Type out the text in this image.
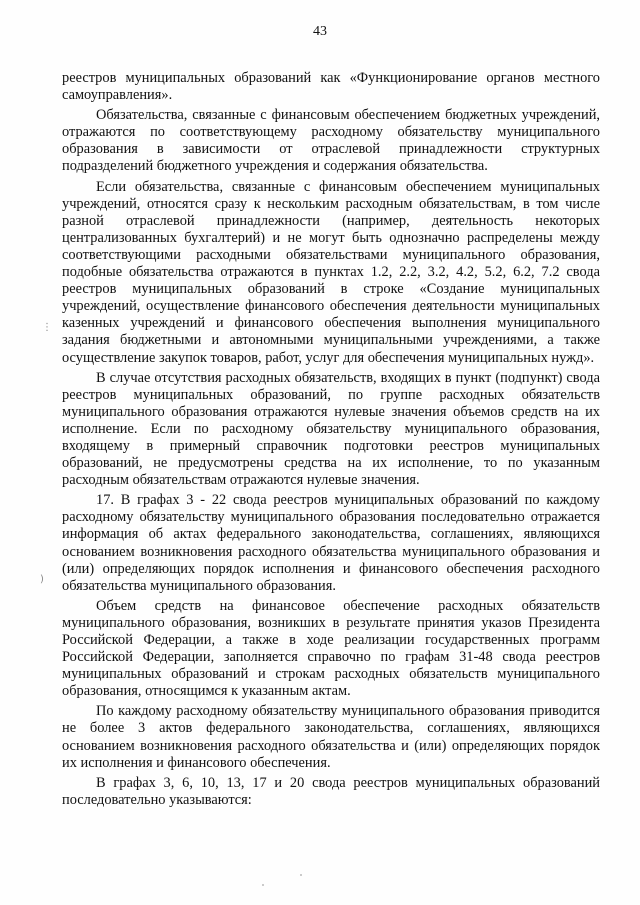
43

реестров муниципальных образований как «Функционирование органов местного самоуправления».

Обязательства, связанные с финансовым обеспечением бюджетных учреждений, отражаются по соответствующему расходному обязательству муниципального образования в зависимости от отраслевой принадлежности структурных подразделений бюджетного учреждения и содержания обязательства.

Если обязательства, связанные с финансовым обеспечением муниципальных учреждений, относятся сразу к нескольким расходным обязательствам, в том числе разной отраслевой принадлежности (например, деятельность некоторых централизованных бухгалтерий) и не могут быть однозначно распределены между соответствующими расходными обязательствами муниципального образования, подобные обязательства отражаются в пунктах 1.2, 2.2, 3.2, 4.2, 5.2, 6.2, 7.2 свода реестров муниципальных образований в строке «Создание муниципальных учреждений, осуществление финансового обеспечения деятельности муниципальных казенных учреждений и финансового обеспечения выполнения муниципального задания бюджетными и автономными муниципальными учреждениями, а также осуществление закупок товаров, работ, услуг для обеспечения муниципальных нужд».

В случае отсутствия расходных обязательств, входящих в пункт (подпункт) свода реестров муниципальных образований, по группе расходных обязательств муниципального образования отражаются нулевые значения объемов средств на их исполнение. Если по расходному обязательству муниципального образования, входящему в примерный справочник подготовки реестров муниципальных образований, не предусмотрены средства на их исполнение, то по указанным расходным обязательствам отражаются нулевые значения.

17. В графах 3 - 22 свода реестров муниципальных образований по каждому расходному обязательству муниципального образования последовательно отражается информация об актах федерального законодательства, соглашениях, являющихся основанием возникновения расходного обязательства муниципального образования и (или) определяющих порядок исполнения и финансового обеспечения расходного обязательства муниципального образования.

Объем средств на финансовое обеспечение расходных обязательств муниципального образования, возникших в результате принятия указов Президента Российской Федерации, а также в ходе реализации государственных программ Российской Федерации, заполняется справочно по графам 31-48 свода реестров муниципальных образований и строкам расходных обязательств муниципального образования, относящимся к указанным актам.

По каждому расходному обязательству муниципального образования приводится не более 3 актов федерального законодательства, соглашениях, являющихся основанием возникновения расходного обязательства и (или) определяющих порядок их исполнения и финансового обеспечения.

В графах 3, 6, 10, 13, 17 и 20 свода реестров муниципальных образований последовательно указываются:

⋮
)
